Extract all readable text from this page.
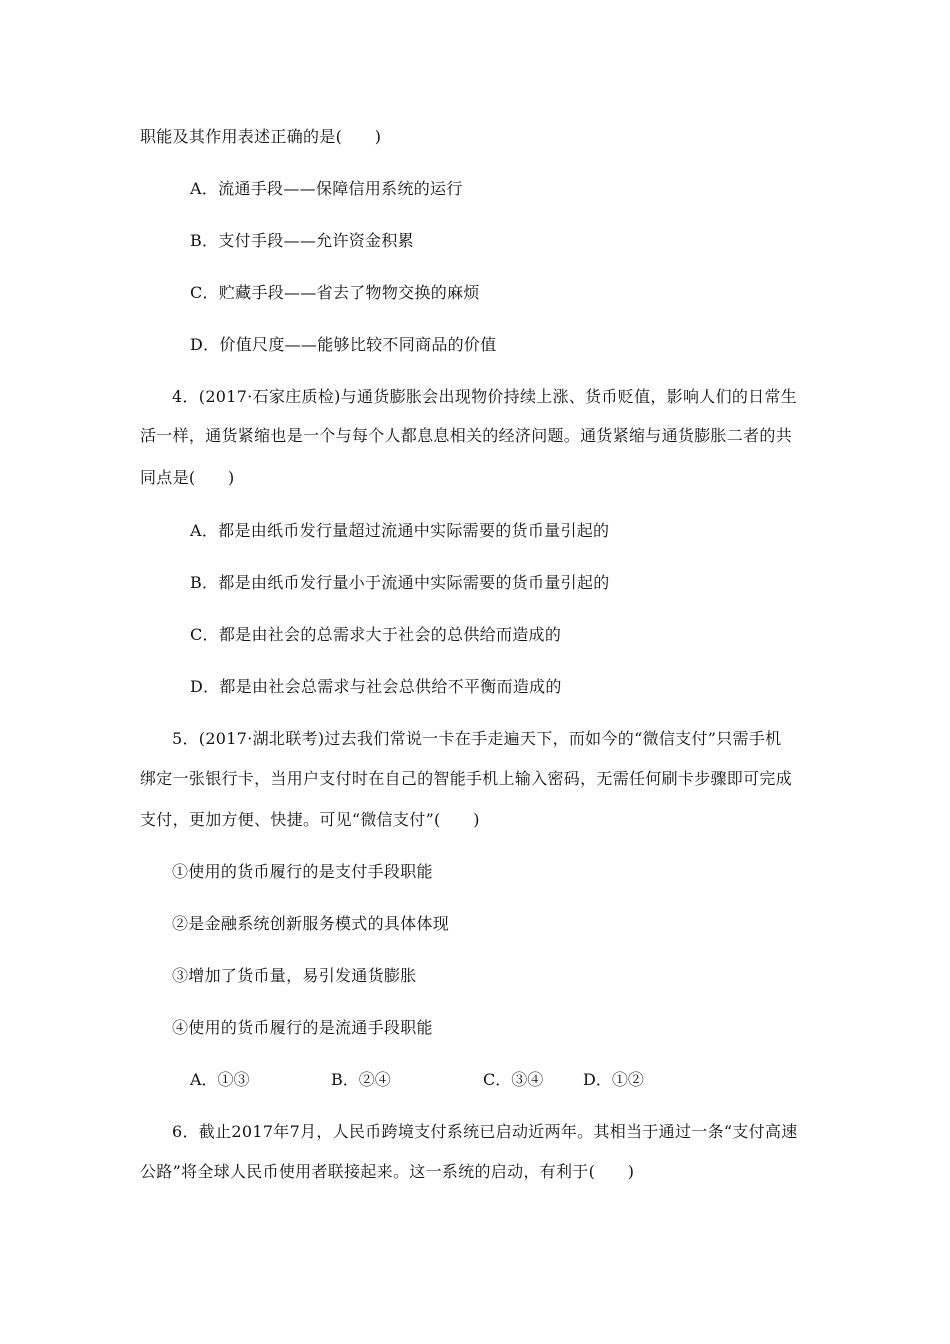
职能及其作用表述正确的是(　　)
A．流通手段——保障信用系统的运行
B．支付手段——允许资金积累
C．贮藏手段——省去了物物交换的麻烦
D．价值尺度——能够比较不同商品的价值
4．(2017·石家庄质检)与通货膨胀会出现物价持续上涨、货币贬值，影响人们的日常生
活一样，通货紧缩也是一个与每个人都息息相关的经济问题。通货紧缩与通货膨胀二者的共
同点是(　　)
A．都是由纸币发行量超过流通中实际需要的货币量引起的
B．都是由纸币发行量小于流通中实际需要的货币量引起的
C．都是由社会的总需求大于社会的总供给而造成的
D．都是由社会总需求与社会总供给不平衡而造成的
5．(2017·湖北联考)过去我们常说一卡在手走遍天下，而如今的“微信支付”只需手机
绑定一张银行卡，当用户支付时在自己的智能手机上输入密码，无需任何刷卡步骤即可完成
支付，更加方便、快捷。可见“微信支付”(　　)
①使用的货币履行的是支付手段职能
②是金融系统创新服务模式的具体体现
③增加了货币量，易引发通货膨胀
④使用的货币履行的是流通手段职能
A．①③	B．②④	C．③④ D．①②
6．截止2017年7月，人民币跨境支付系统已启动近两年。其相当于通过一条“支付高速
公路”将全球人民币使用者联接起来。这一系统的启动，有利于(　　)
